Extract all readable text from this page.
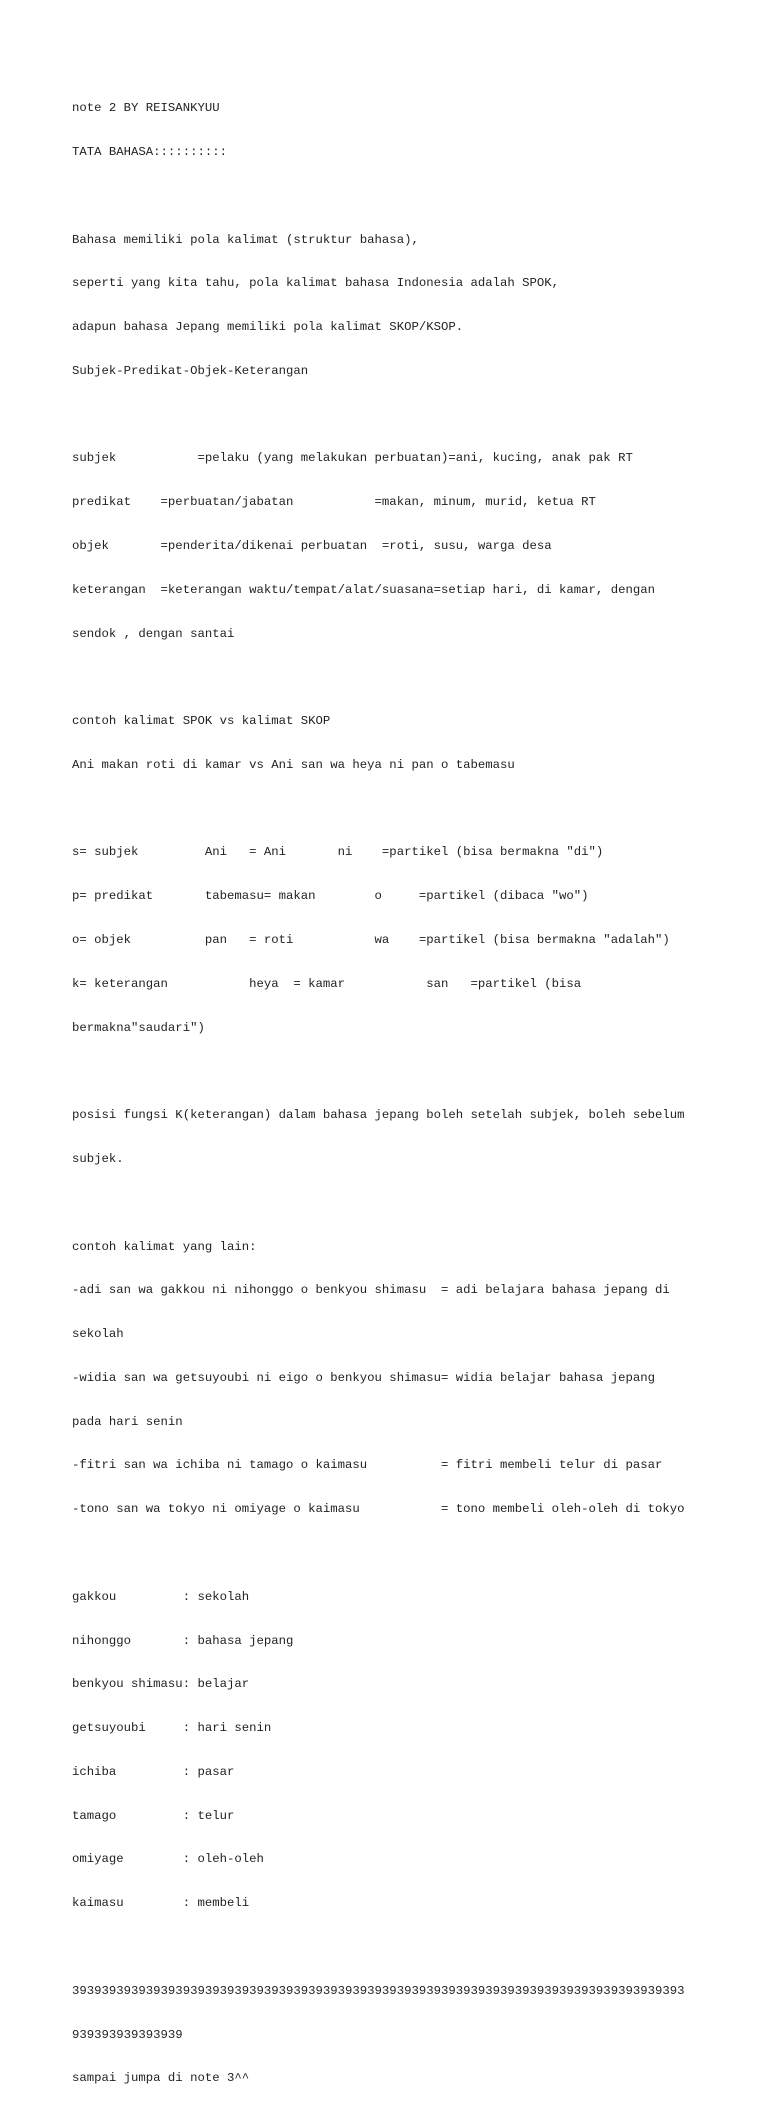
note 2 BY REISANKYUU

TATA BAHASA::::::::::

Bahasa memiliki pola kalimat (struktur bahasa),

seperti yang kita tahu, pola kalimat bahasa Indonesia adalah SPOK,

adapun bahasa Jepang memiliki pola kalimat SKOP/KSOP.

Subjek-Predikat-Objek-Keterangan

subjek           =pelaku (yang melakukan perbuatan)=ani, kucing, anak pak RT

predikat    =perbuatan/jabatan           =makan, minum, murid, ketua RT

objek       =penderita/dikenai perbuatan  =roti, susu, warga desa

keterangan  =keterangan waktu/tempat/alat/suasana=setiap hari, di kamar, dengan

sendok , dengan santai

contoh kalimat SPOK vs kalimat SKOP

Ani makan roti di kamar vs Ani san wa heya ni pan o tabemasu

s= subjek         Ani   = Ani       ni    =partikel (bisa bermakna "di")

p= predikat       tabemasu= makan        o     =partikel (dibaca "wo")

o= objek          pan   = roti           wa    =partikel (bisa bermakna "adalah")

k= keterangan           heya  = kamar           san   =partikel (bisa

bermakna"saudari")

posisi fungsi K(keterangan) dalam bahasa jepang boleh setelah subjek, boleh sebelum

subjek.

contoh kalimat yang lain:

-adi san wa gakkou ni nihonggo o benkyou shimasu  = adi belajara bahasa jepang di

sekolah

-widia san wa getsuyoubi ni eigo o benkyou shimasu= widia belajar bahasa jepang

pada hari senin

-fitri san wa ichiba ni tamago o kaimasu          = fitri membeli telur di pasar

-tono san wa tokyo ni omiyage o kaimasu           = tono membeli oleh-oleh di tokyo

gakkou         : sekolah

nihonggo       : bahasa jepang

benkyou shimasu: belajar

getsuyoubi     : hari senin

ichiba         : pasar

tamago         : telur

omiyage        : oleh-oleh

kaimasu        : membeli

39393939393939393939393939393939393939393939393939393939393939393939393939393939393

939393939393939

sampai jumpa di note 3^^
